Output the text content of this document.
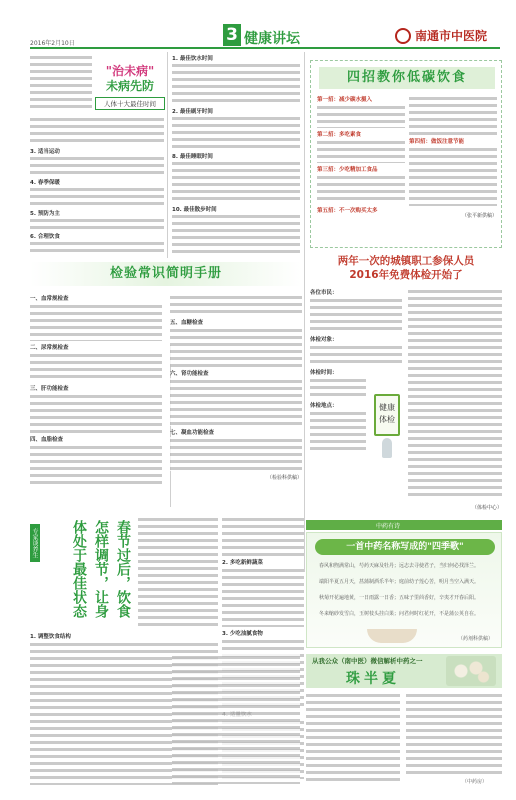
2016年2月10日	3 健康讲坛	南通市中医院
3. 适当运动
4. 春季保暖
5. 预防为主
6. 合理饮食
"治未病"
未病先防
人体十大最佳时间
1. 最佳饮水时间
2. 最佳刷牙时间
8. 最佳睡眠时间
10. 最佳散步时间
四招教你低碳饮食
第一招：减少碳水摄入
第二招：多吃素食
第三招：少吃精加工食品
第五招：不一次购买太多
第四招：做饭注意节能
（张平新供稿）
两年一次的城镇职工参保人员
2016年免费体检开始了
各位市民：
体检对象：
体检时间：
体检地点：	健康
体检
（体检中心）
检验常识简明手册
一、血常规检查
二、尿常规检查
三、肝功能检查
四、血脂检查
五、血糖检查
六、肾功能检查
七、凝血功能检查
（检验科供稿）
专家谈养生	春节过后，饮食怎样调节，让身体处于最佳状态	2. 多吃新鲜蔬菜
3. 少吃油腻食物
1. 调整饮食结构
中药有诗
一首中药名称写成的"四季歌"
春风和煦满常山，芍药天麻及牡丹；远志去寻使君子，当归何必找泽兰。
端阳半夏五月天，菖蒲制酒乐半年；庭前幼子莲心苦，明月当空入满天。
秋菊开花遍地黄，一日雨露一日香；五味子里茴香好，辛夷才开春后阳。
冬来缩砂发雪白，玉树枝头挂白果；问君何时红花开，不是蒲公英自在。
（药剂科供稿）
从我公众（南中医）微信解析中药之一
珠半夏
（中药房）
